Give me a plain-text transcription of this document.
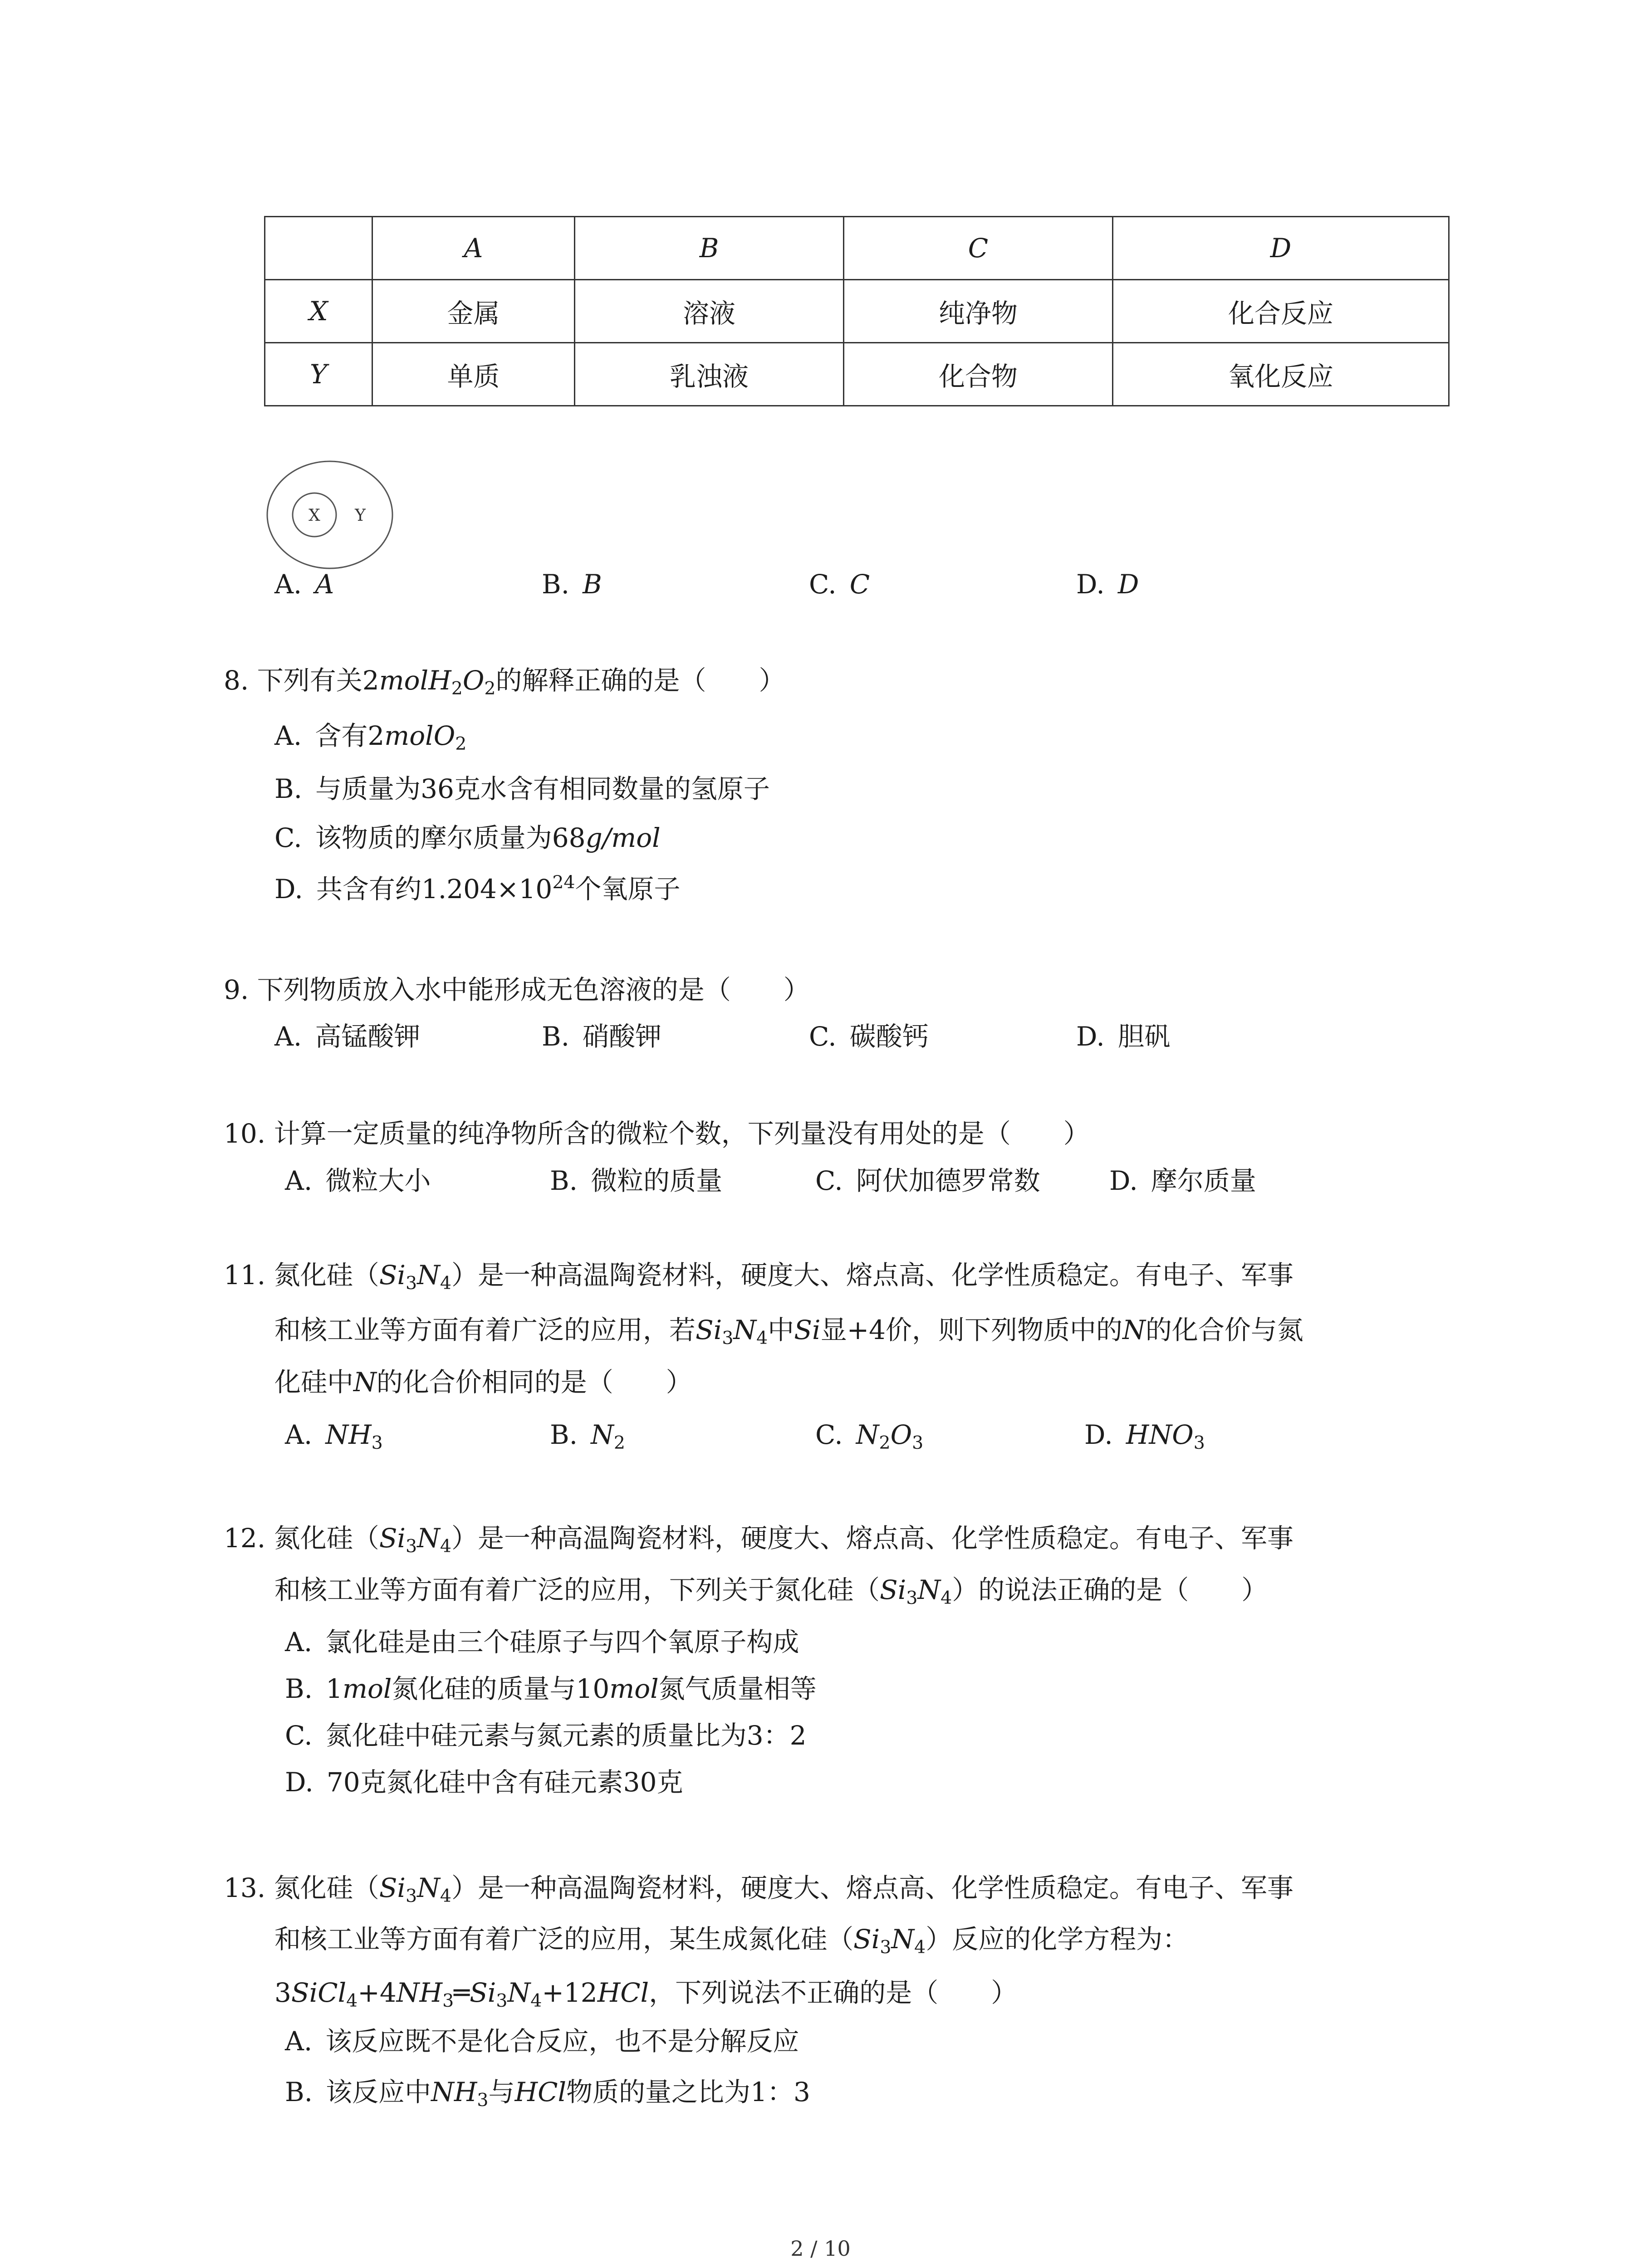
	A	B	C	D
X	金属	溶液	纯净物	化合反应
Y	单质	乳浊液	化合物	氧化反应
X Y
A.  A	B.  B	C.  C	D.  D
8. 下列有关$2molH_2O_2$的解释正确的是（　　）
A.  含有2molO$_2$
B.  与质量为36克水含有相同数量的氢原子
C.  该物质的摩尔质量为68g/mol
D.  共含有约$1.204\times 10^{24}$个氧原子
9. 下列物质放入水中能形成无色溶液的是（　　）
A.  高锰酸钾	B.  硝酸钾	C.  碳酸钙	D.  胆矾
10. 计算一定质量的纯净物所含的微粒个数，下列量没有用处的是（　　）
A.  微粒大小	B.  微粒的质量	C.  阿伏加德罗常数	D.  摩尔质量
11. 氮化硅$(Si_3N_4)$是一种高温陶瓷材料，硬度大、熔点高、化学性质稳定。有电子、军事
和核工业等方面有着广泛的应用，若$Si_3N_4$中Si显+4价，则下列物质中的N的化合价与氮
化硅中N的化合价相同的是（　　）
A.  $NH_3$	B.  $N_2$	C.  $N_2O_3$	D.  $HNO_3$
12. 氮化硅$(Si_3N_4)$是一种高温陶瓷材料，硬度大、熔点高、化学性质稳定。有电子、军事
和核工业等方面有着广泛的应用，下列关于氮化硅$(Si_3N_4)$的说法正确的是（　　）
A.  氯化硅是由三个硅原子与四个氧原子构成
B.  1mol氮化硅的质量与10mol氮气质量相等
C.  氮化硅中硅元素与氮元素的质量比为3：2
D.  70克氮化硅中含有硅元素30克
13. 氮化硅$(Si_3N_4)$是一种高温陶瓷材料，硬度大、熔点高、化学性质稳定。有电子、军事
和核工业等方面有着广泛的应用，某生成氮化硅$(Si_3N_4)$反应的化学方程为：
$3SiCl_4+4NH_3═Si_3N_4+12HCl$，下列说法不正确的是（　　）
A.  该反应既不是化合反应，也不是分解反应
B.  该反应中$NH_3$与HCl物质的量之比为1：3
2 / 10
